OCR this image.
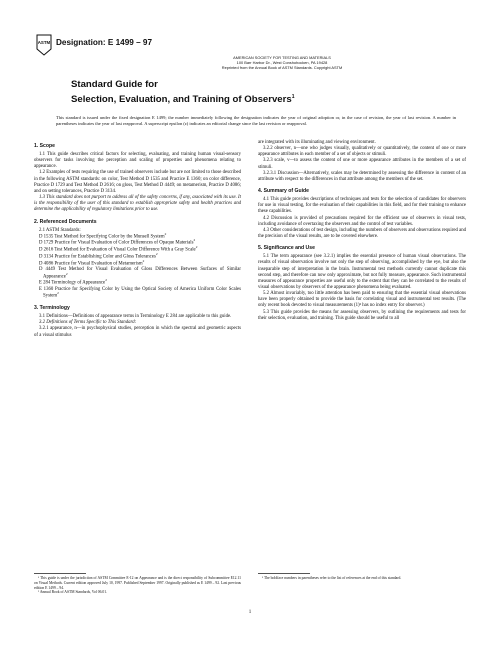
ASTM Designation: E 1499 – 97
AMERICAN SOCIETY FOR TESTING AND MATERIALS
100 Barr Harbor Dr., West Conshohocken, PA 19428
Reprinted from the Annual Book of ASTM Standards. Copyright ASTM
Standard Guide for
Selection, Evaluation, and Training of Observers$^1$
This standard is issued under the fixed designation E 1499; the number immediately following the designation indicates the year of original adoption or, in the case of revision, the year of last revision. A number in parentheses indicates the year of last reapproval. A superscript epsilon (ε) indicates an editorial change since the last revision or reapproval.
1. Scope

1.1 This guide describes critical factors for selecting, evaluating, and training human visual-sensory observers for tasks involving the perception and scaling of properties and phenomena relating to appearance.

1.2 Examples of tests requiring the use of trained observers include but are not limited to those described in the following ASTM standards: on color, Test Method D 1535 and Practice E 1360; on color difference, Practice D 1729 and Test Method D 2616; on gloss, Test Method D 4449; on metamerism, Practice D 4086; and on setting tolerances, Practice D 3134.

1.3 This standard does not purport to address all of the safety concerns, if any, associated with its use. It is the responsibility of the user of this standard to establish appropriate safety and health practices and determine the applicability of regulatory limitations prior to use.

2. Referenced Documents

2.1 ASTM Standards:

D 1535 Test Method for Specifying Color by the Munsell System$^2$

D 1729 Practice for Visual Evaluation of Color Differences of Opaque Materials$^2$

D 2616 Test Method for Evaluation of Visual Color Difference With a Gray Scale$^2$

D 3134 Practice for Establishing Color and Gloss Tolerances$^2$

D 4086 Practice for Visual Evaluation of Metamerism$^2$

D 4449 Test Method for Visual Evaluation of Gloss Differences Between Surfaces of Similar Appearance$^2$

E 284 Terminology of Appearance$^2$

E 1360 Practice for Specifying Color by Using the Optical Society of America Uniform Color Scales System$^2$

3. Terminology

3.1 Definitions—Definitions of appearance terms in Terminology E 284 are applicable to this guide.

3.2 Definitions of Terms Specific to This Standard:

3.2.1 appearance, n—in psychophysical studies, perception in which the spectral and geometric aspects of a visual stimulus

are integrated with its illuminating and viewing environment.

3.2.2 observer, n—one who judges visually, qualitatively or quantitatively, the content of one or more appearance attributes in each member of a set of objects or stimuli.

3.2.3 scale, v—to assess the content of one or more appearance attributes in the members of a set of stimuli.

3.2.3.1 Discussion—Alternatively, scales may be determined by assessing the difference in content of an attribute with respect to the differences in that attribute among the members of the set.

4. Summary of Guide

4.1 This guide provides descriptions of techniques and tests for the selection of candidates for observers for use in visual testing, for the evaluation of their capabilities in this field, and for their training to enhance these capabilities.

4.2 Discussion is provided of precautions required for the efficient use of observers in visual tests, including avoidance of overtaxing the observers and the control of test variables.

4.3 Other considerations of test design, including the numbers of observers and observations required and the precision of the visual results, are to be covered elsewhere.

5. Significance and Use

5.1 The term appearance (see 3.2.1) implies the essential presence of human visual observations. The results of visual observation involve not only the step of observing, accomplished by the eye, but also the inseparable step of interpretation in the brain. Instrumental test methods currently cannot duplicate this second step, and therefore can now only approximate, but not fully measure, appearance. Such instrumental measures of appearance properties are useful only to the extent that they can be correlated to the results of visual observations by observers of the appearance phenomena being evaluated.

5.2 Almost invariably, too little attention has been paid to ensuring that the essential visual observations have been properly obtained to provide the basis for correlating visual and instrumental test results. (The only recent book devoted to visual measurements (1)³ has no index entry for observer.)

5.3 This guide provides the means for assessing observers, by outlining the requirements and tests for their selection, evaluation, and training. This guide should be useful to all

¹ This guide is under the jurisdiction of ASTM Committee E-12 on Appearance and is the direct responsibility of Subcommittee E12.11 on Visual Methods. Current edition approved July 10, 1997. Published September 1997. Originally published as E 1499 – 92. Last previous edition E 1499 – 94.

² Annual Book of ASTM Standards, Vol 06.01.

³ The boldface numbers in parentheses refer to the list of references at the end of this standard.

1
